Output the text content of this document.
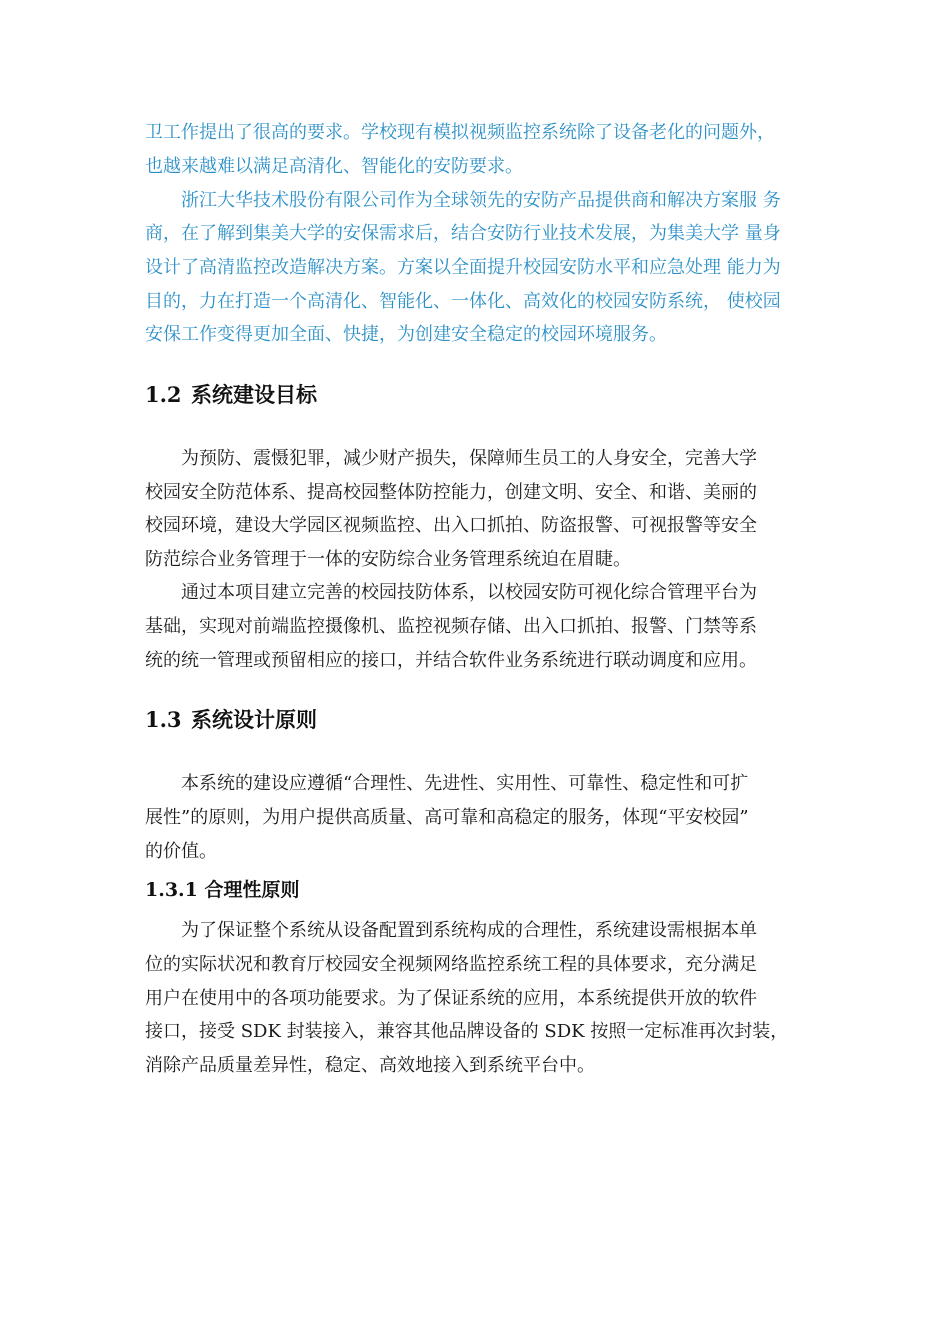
卫工作提出了很高的要求。学校现有模拟视频监控系统除了设备老化的问题外，
也越来越难以满足高清化、智能化的安防要求。
浙江大华技术股份有限公司作为全球领先的安防产品提供商和解决方案服 务
商，在了解到集美大学的安保需求后，结合安防行业技术发展，为集美大学 量身
设计了高清监控改造解决方案。方案以全面提升校园安防水平和应急处理 能力为
目的，力在打造一个高清化、智能化、一体化、高效化的校园安防系统， 使校园
安保工作变得更加全面、快捷，为创建安全稳定的校园环境服务。
1.2 系统建设目标
为预防、震慑犯罪，减少财产损失，保障师生员工的人身安全，完善大学
校园安全防范体系、提高校园整体防控能力，创建文明、安全、和谐、美丽的
校园环境，建设大学园区视频监控、出入口抓拍、防盗报警、可视报警等安全
防范综合业务管理于一体的安防综合业务管理系统迫在眉睫。
通过本项目建立完善的校园技防体系，以校园安防可视化综合管理平台为
基础，实现对前端监控摄像机、监控视频存储、出入口抓拍、报警、门禁等系
统的统一管理或预留相应的接口，并结合软件业务系统进行联动调度和应用。
1.3 系统设计原则
本系统的建设应遵循“合理性、先进性、实用性、可靠性、稳定性和可扩
展性”的原则，为用户提供高质量、高可靠和高稳定的服务，体现“平安校园”
的价值。
1.3.1 合理性原则
为了保证整个系统从设备配置到系统构成的合理性，系统建设需根据本单
位的实际状况和教育厅校园安全视频网络监控系统工程的具体要求，充分满足
用户在使用中的各项功能要求。为了保证系统的应用，本系统提供开放的软件
接口，接受 SDK 封装接入，兼容其他品牌设备的 SDK 按照一定标准再次封装，
消除产品质量差异性，稳定、高效地接入到系统平台中。
